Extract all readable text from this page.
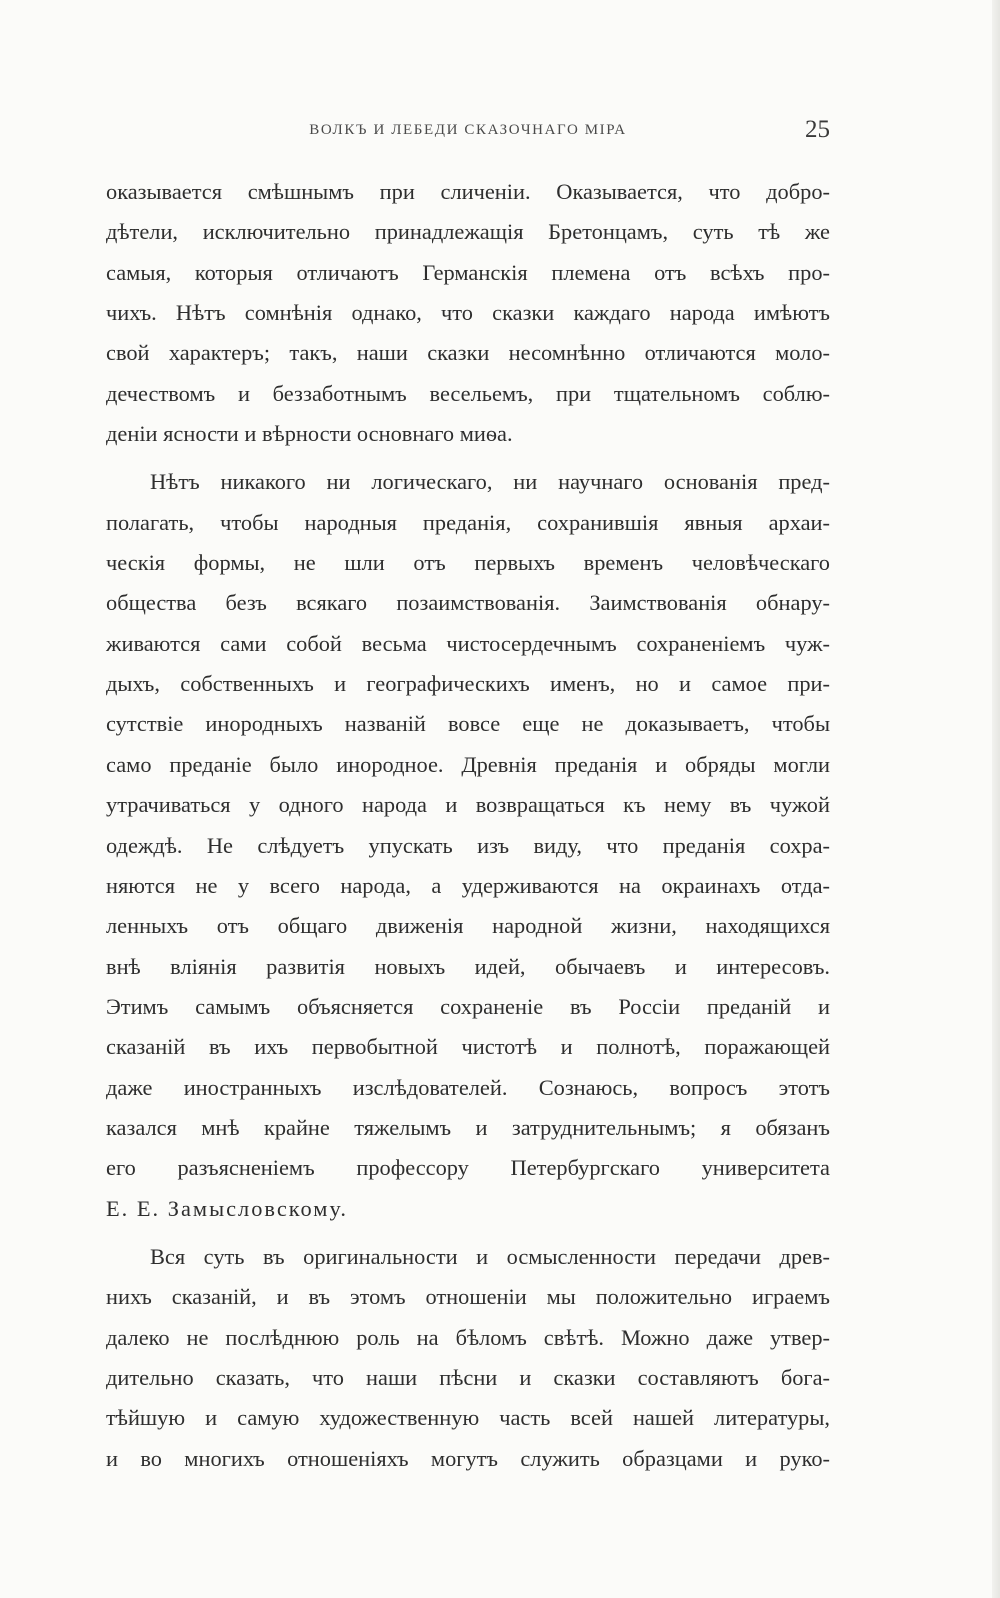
ВОЛКЪ И ЛЕБЕДИ СКАЗОЧНАГО МІРА	25
оказывается смѣшнымъ при сличеніи. Оказывается, что добро-
дѣтели, исключительно принадлежащія Бретонцамъ, суть тѣ же
самыя, которыя отличаютъ Германскія племена отъ всѣхъ про-
чихъ. Нѣтъ сомнѣнія однако, что сказки каждаго народа имѣютъ
свой характеръ; такъ, наши сказки несомнѣнно отличаются моло-
дечествомъ и беззаботнымъ весельемъ, при тщательномъ соблю-
деніи ясности и вѣрности основнаго миѳа.
Нѣтъ никакого ни логическаго, ни научнаго основанія пред-
полагать, чтобы народныя преданія, сохранившія явныя архаи-
ческія формы, не шли отъ первыхъ временъ человѣческаго
общества безъ всякаго позаимствованія. Заимствованія обнару-
живаются сами собой весьма чистосердечнымъ сохраненіемъ чуж-
дыхъ, собственныхъ и географическихъ именъ, но и самое при-
сутствіе инородныхъ названій вовсе еще не доказываетъ, чтобы
само преданіе было инородное. Древнія преданія и обряды могли
утрачиваться у одного народа и возвращаться къ нему въ чужой
одеждѣ. Не слѣдуетъ упускать изъ виду, что преданія сохра-
няются не у всего народа, а удерживаются на окраинахъ отда-
ленныхъ отъ общаго движенія народной жизни, находящихся
внѣ вліянія развитія новыхъ идей, обычаевъ и интересовъ.
Этимъ самымъ объясняется сохраненіе въ Россіи преданій и
сказаній въ ихъ первобытной чистотѣ и полнотѣ, поражающей
даже иностранныхъ изслѣдователей. Сознаюсь, вопросъ этотъ
казался мнѣ крайне тяжелымъ и затруднительнымъ; я обязанъ
его разъясненіемъ профессору Петербургскаго университета
Е. Е. Замысловскому.
Вся суть въ оригинальности и осмысленности передачи древ-
нихъ сказаній, и въ этомъ отношеніи мы положительно играемъ
далеко не послѣднюю роль на бѣломъ свѣтѣ. Можно даже утвер-
дительно сказать, что наши пѣсни и сказки составляютъ бога-
тѣйшую и самую художественную часть всей нашей литературы,
и во многихъ отношеніяхъ могутъ служить образцами и руко-
